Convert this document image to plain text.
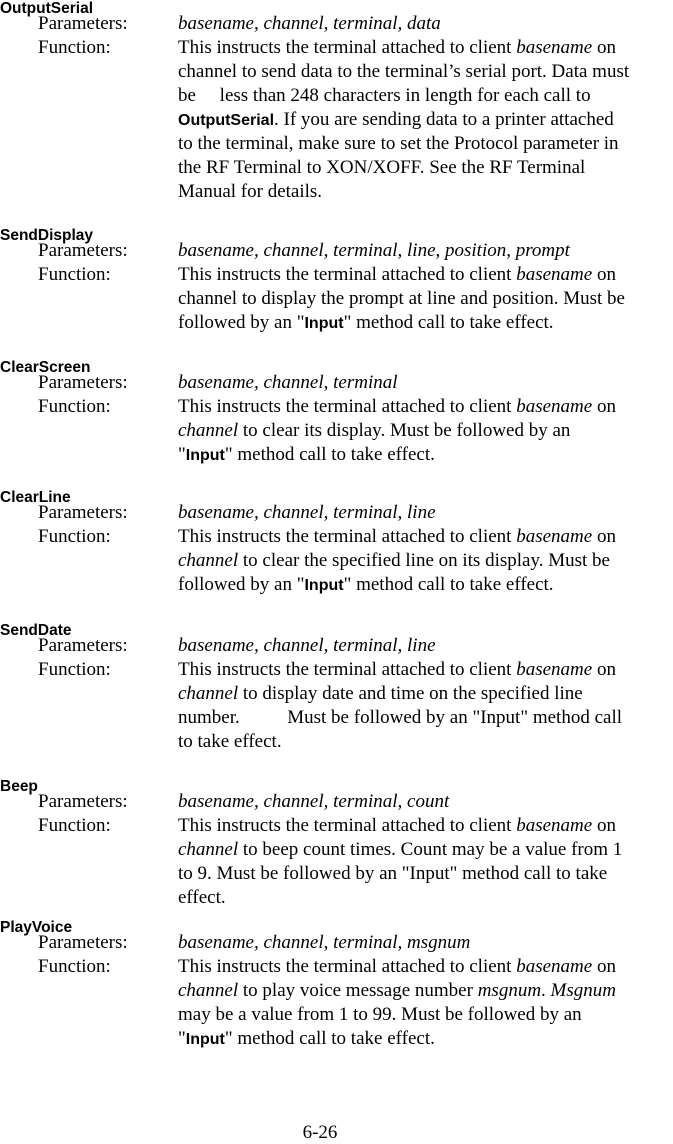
OutputSerial
Parameters:	basename, channel, terminal, data
Function:	This instructs the terminal attached to client basename on
channel to send data to the terminal’s serial port. Data must
be     less than 248 characters in length for each call to
OutputSerial. If you are sending data to a printer attached
to the terminal, make sure to set the Protocol parameter in
the RF Terminal to XON/XOFF. See the RF Terminal
Manual for details.
SendDisplay
Parameters:	basename, channel, terminal, line, position, prompt
Function:	This instructs the terminal attached to client basename on
channel to display the prompt at line and position. Must be
followed by an "Input" method call to take effect.
ClearScreen
Parameters:	basename, channel, terminal
Function:	This instructs the terminal attached to client basename on
channel to clear its display. Must be followed by an
"Input" method call to take effect.
ClearLine
Parameters:	basename, channel, terminal, line
Function:	This instructs the terminal attached to client basename on
channel to clear the specified line on its display. Must be
followed by an "Input" method call to take effect.
SendDate
Parameters:	basename, channel, terminal, line
Function:	This instructs the terminal attached to client basename on
channel to display date and time on the specified line
number.          Must be followed by an "Input" method call
to take effect.
Beep
Parameters:	basename, channel, terminal, count
Function:	This instructs the terminal attached to client basename on
channel to beep count times. Count may be a value from 1
to 9. Must be followed by an "Input" method call to take
effect.
PlayVoice
Parameters:	basename, channel, terminal, msgnum
Function:	This instructs the terminal attached to client basename on
channel to play voice message number msgnum. Msgnum
may be a value from 1 to 99. Must be followed by an
"Input" method call to take effect.
6-26
